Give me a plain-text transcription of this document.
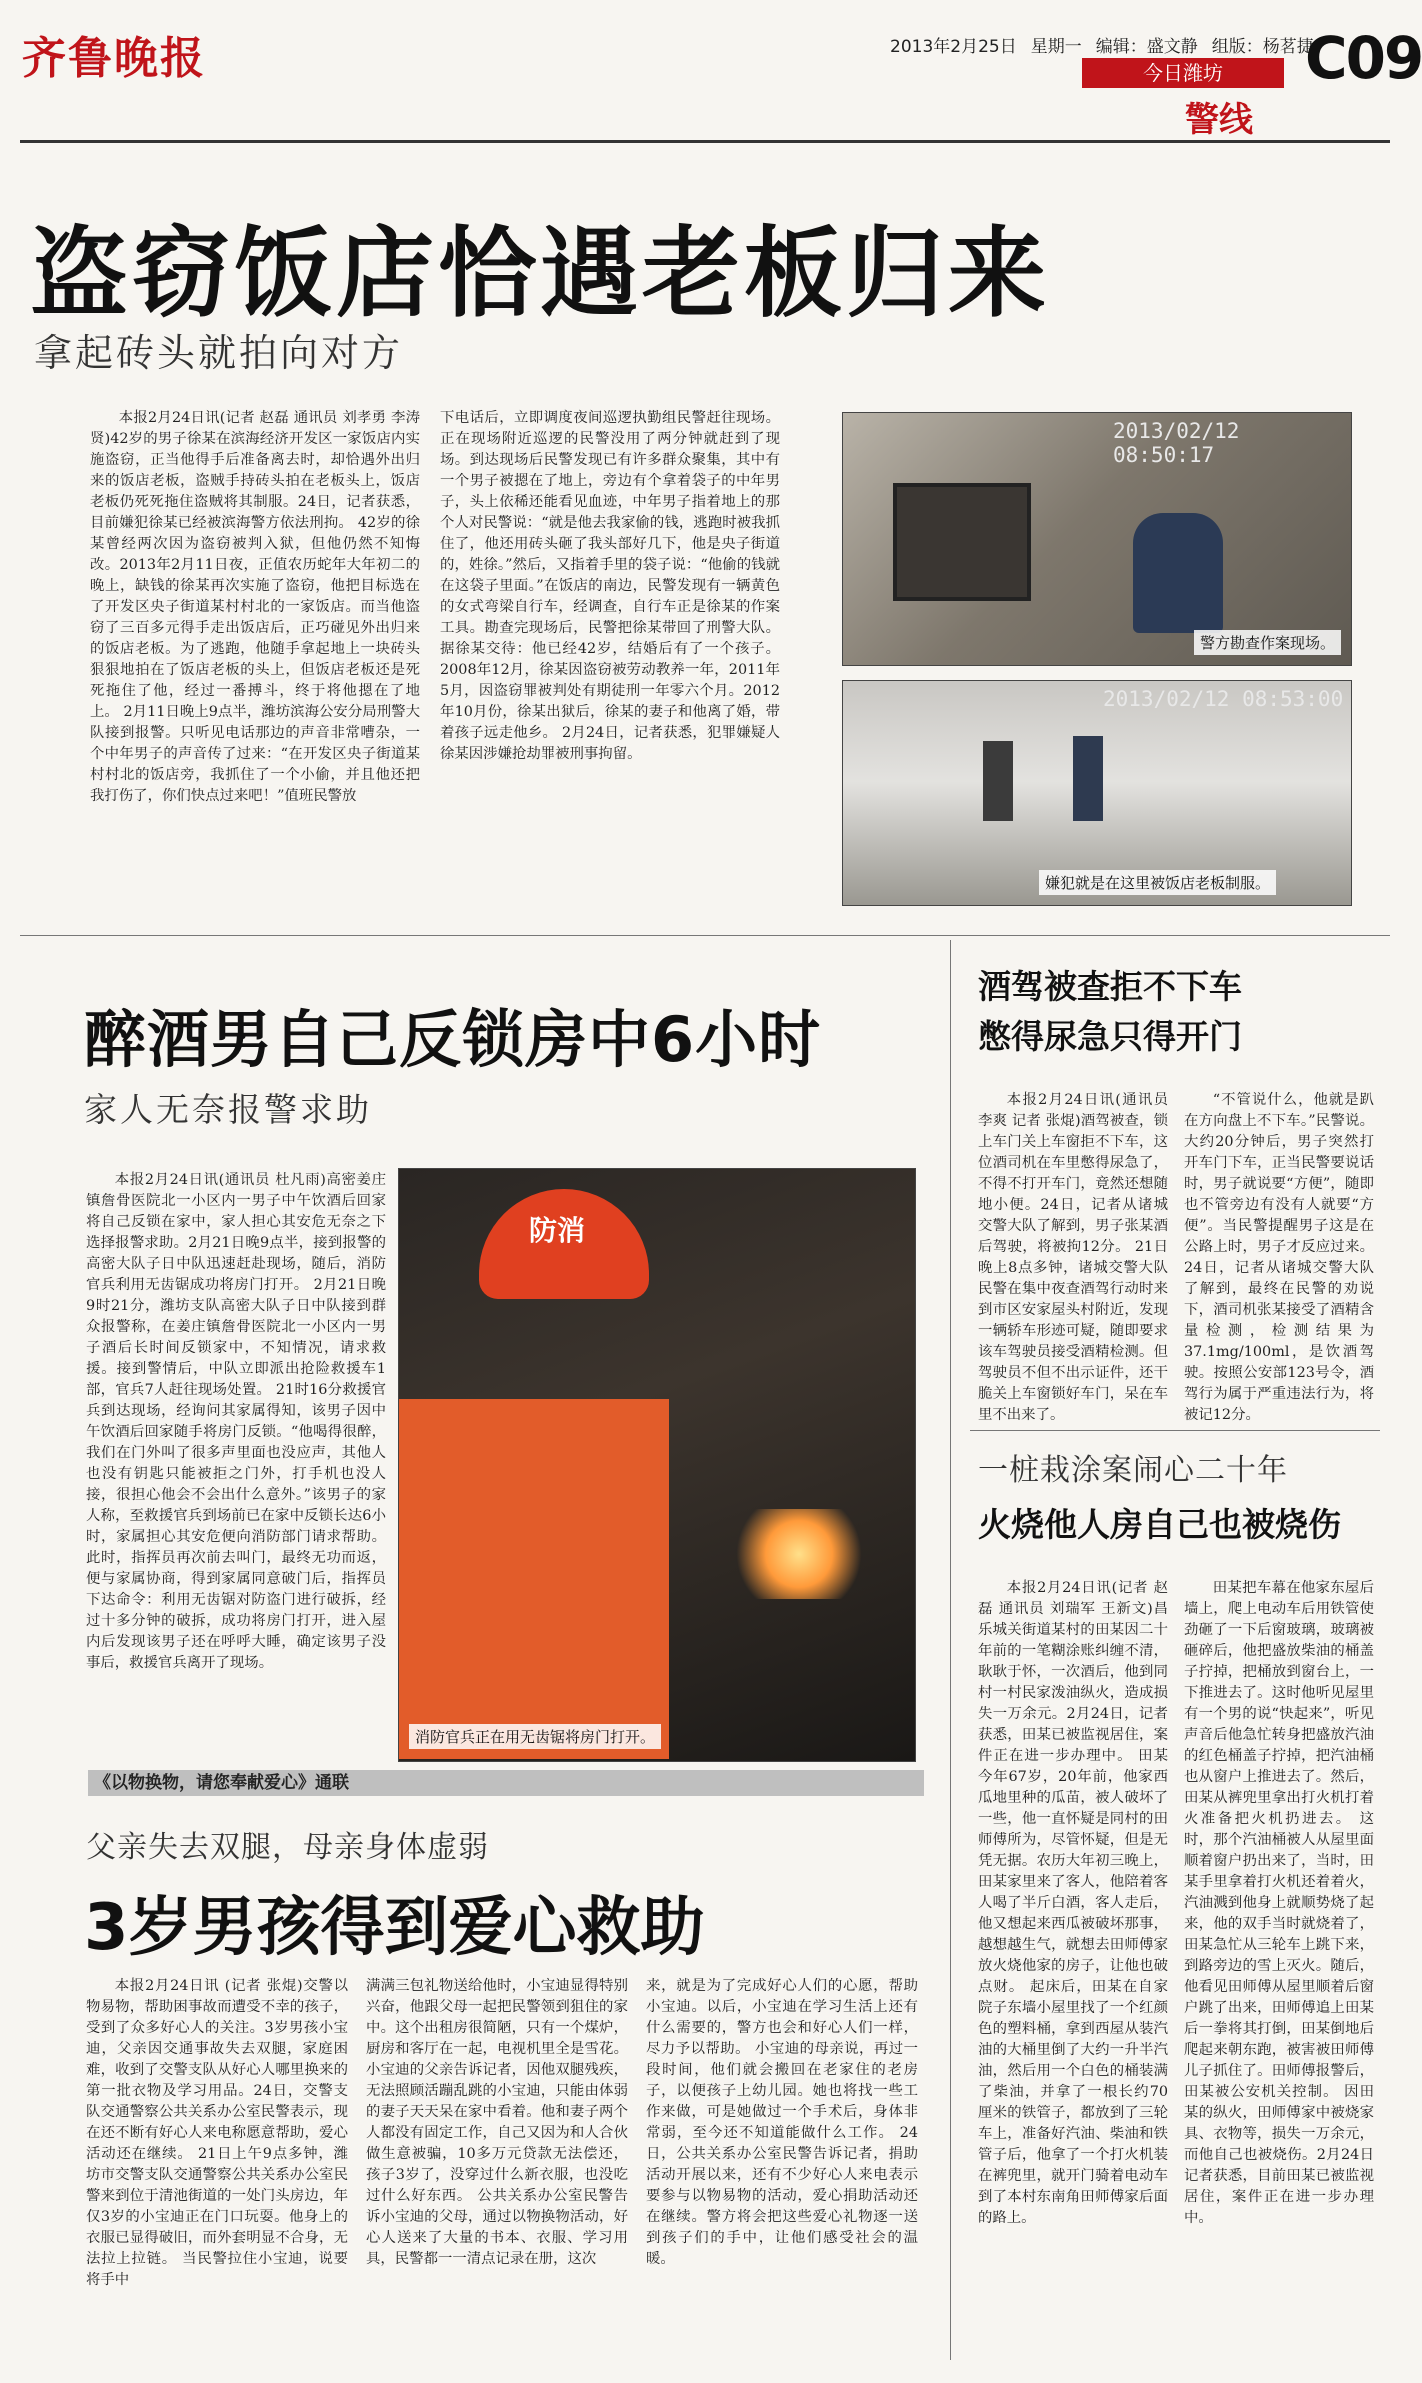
齐鲁晚报	2013年2月25日 星期一 编辑：盛文静 组版：杨茗捷
C09
今日潍坊
警线
盗窃饭店恰遇老板归来
拿起砖头就拍向对方
本报2月24日讯(记者 赵磊 通讯员 刘孝勇 李涛贤)42岁的男子徐某在滨海经济开发区一家饭店内实施盗窃，正当他得手后准备离去时，却恰遇外出归来的饭店老板，盗贼手持砖头拍在老板头上，饭店老板仍死死拖住盗贼将其制服。24日，记者获悉，目前嫌犯徐某已经被滨海警方依法刑拘。 42岁的徐某曾经两次因为盗窃被判入狱，但他仍然不知悔改。2013年2月11日夜，正值农历蛇年大年初二的晚上，缺钱的徐某再次实施了盗窃，他把目标选在了开发区央子街道某村村北的一家饭店。而当他盗窃了三百多元得手走出饭店后，正巧碰见外出归来的饭店老板。为了逃跑，他随手拿起地上一块砖头狠狠地拍在了饭店老板的头上，但饭店老板还是死死拖住了他，经过一番搏斗，终于将他摁在了地上。 2月11日晚上9点半，潍坊滨海公安分局刑警大队接到报警。只听见电话那边的声音非常嘈杂，一个中年男子的声音传了过来：“在开发区央子街道某村村北的饭店旁，我抓住了一个小偷，并且他还把我打伤了，你们快点过来吧！”值班民警放
下电话后，立即调度夜间巡逻执勤组民警赶往现场。 正在现场附近巡逻的民警没用了两分钟就赶到了现场。到达现场后民警发现已有许多群众聚集，其中有一个男子被摁在了地上，旁边有个拿着袋子的中年男子，头上依稀还能看见血迹，中年男子指着地上的那个人对民警说：“就是他去我家偷的钱，逃跑时被我抓住了，他还用砖头砸了我头部好几下，他是央子街道的，姓徐。”然后，又指着手里的袋子说：“他偷的钱就在这袋子里面。”在饭店的南边，民警发现有一辆黄色的女式弯梁自行车，经调查，自行车正是徐某的作案工具。勘查完现场后，民警把徐某带回了刑警大队。 据徐某交待：他已经42岁，结婚后有了一个孩子。2008年12月，徐某因盗窃被劳动教养一年，2011年5月，因盗窃罪被判处有期徒刑一年零六个月。2012年10月份，徐某出狱后，徐某的妻子和他离了婚，带着孩子远走他乡。 2月24日，记者获悉，犯罪嫌疑人徐某因涉嫌抢劫罪被刑事拘留。
2013/02/12 08:50:17
警方勘查作案现场。
2013/02/12 08:53:00
嫌犯就是在这里被饭店老板制服。
醉酒男自己反锁房中6小时
家人无奈报警求助
本报2月24日讯(通讯员 杜凡雨)高密姜庄镇詹骨医院北一小区内一男子中午饮酒后回家将自己反锁在家中，家人担心其安危无奈之下选择报警求助。2月21日晚9点半，接到报警的高密大队子日中队迅速赶赴现场，随后，消防官兵利用无齿锯成功将房门打开。 2月21日晚9时21分，潍坊支队高密大队子日中队接到群众报警称，在姜庄镇詹骨医院北一小区内一男子酒后长时间反锁家中，不知情况，请求救援。接到警情后，中队立即派出抢险救援车1部，官兵7人赶往现场处置。 21时16分救援官兵到达现场，经询问其家属得知，该男子因中午饮酒后回家随手将房门反锁。“他喝得很醉，我们在门外叫了很多声里面也没应声，其他人也没有钥匙只能被拒之门外，打手机也没人接，很担心他会不会出什么意外。”该男子的家人称，至救援官兵到场前已在家中反锁长达6小时，家属担心其安危便向消防部门请求帮助。 此时，指挥员再次前去叫门，最终无功而返，便与家属协商，得到家属同意破门后，指挥员下达命令：利用无齿锯对防盗门进行破拆，经过十多分钟的破拆，成功将房门打开，进入屋内后发现该男子还在呼呼大睡，确定该男子没事后，救援官兵离开了现场。
防消
消防官兵正在用无齿锯将房门打开。
酒驾被查拒不下车
憋得尿急只得开门
本报2月24日讯(通讯员 李爽 记者 张焜)酒驾被查，锁上车门关上车窗拒不下车，这位酒司机在车里憋得尿急了，不得不打开车门，竟然还想随地小便。24日，记者从诸城交警大队了解到，男子张某酒后驾驶，将被拘12分。 21日晚上8点多钟，诸城交警大队民警在集中夜查酒驾行动时来到市区安家屋头村附近，发现一辆轿车形迹可疑，随即要求该车驾驶员接受酒精检测。但驾驶员不但不出示证件，还干脆关上车窗锁好车门，呆在车里不出来了。
“不管说什么，他就是趴在方向盘上不下车。”民警说。大约20分钟后，男子突然打开车门下车，正当民警要说话时，男子就说要“方便”，随即也不管旁边有没有人就要“方便”。当民警提醒男子这是在公路上时，男子才反应过来。 24日，记者从诸城交警大队了解到，最终在民警的劝说下，酒司机张某接受了酒精含量检测，检测结果为37.1mg/100ml，是饮酒驾驶。按照公安部123号令，酒驾行为属于严重违法行为，将被记12分。
一桩栽涂案闹心二十年
火烧他人房自己也被烧伤
本报2月24日讯(记者 赵磊 通讯员 刘瑞军 王新文)昌乐城关街道某村的田某因二十年前的一笔糊涂账纠缠不清，耿耿于怀，一次酒后，他到同村一村民家泼油纵火，造成损失一万余元。2月24日，记者获悉，田某已被监视居住，案件正在进一步办理中。 田某今年67岁，20年前，他家西瓜地里种的瓜苗，被人破坏了一些，他一直怀疑是同村的田师傅所为，尽管怀疑，但是无凭无据。农历大年初三晚上，田某家里来了客人，他陪着客人喝了半斤白酒，客人走后，他又想起来西瓜被破坏那事，越想越生气，就想去田师傅家放火烧他家的房子，让他也破点财。 起床后，田某在自家院子东墙小屋里找了一个红颜色的塑料桶，拿到西屋从装汽油的大桶里倒了大约一升半汽油，然后用一个白色的桶装满了柴油，并拿了一根长约70厘米的铁管子，都放到了三轮车上，准备好汽油、柴油和铁管子后，他拿了一个打火机装在裤兜里，就开门骑着电动车到了本村东南角田师傅家后面的路上。
田某把车幕在他家东屋后墙上，爬上电动车后用铁管使劲砸了一下后窗玻璃，玻璃被砸碎后，他把盛放柴油的桶盖子拧掉，把桶放到窗台上，一下推进去了。这时他听见屋里有一个男的说“快起来”，听见声音后他急忙转身把盛放汽油的红色桶盖子拧掉，把汽油桶也从窗户上推进去了。然后，田某从裤兜里拿出打火机打着火准备把火机扔进去。 这时，那个汽油桶被人从屋里面顺着窗户扔出来了，当时，田某手里拿着打火机还着着火，汽油溅到他身上就顺势烧了起来，他的双手当时就烧着了，田某急忙从三轮车上跳下来，到路旁边的雪上灭火。随后，他看见田师傅从屋里顺着后窗户跳了出来，田师傅追上田某后一拳将其打倒，田某倒地后爬起来朝东跑，被害被田师傅儿子抓住了。田师傅报警后，田某被公安机关控制。 因田某的纵火，田师傅家中被烧家具、衣物等，损失一万余元，而他自己也被烧伤。2月24日记者获悉，目前田某已被监视居住，案件正在进一步办理中。
《以物换物，请您奉献爱心》通联
父亲失去双腿，母亲身体虚弱
3岁男孩得到爱心救助
本报2月24日讯 (记者 张焜)交警以物易物，帮助困事故而遭受不幸的孩子，受到了众多好心人的关注。3岁男孩小宝迪，父亲因交通事故失去双腿，家庭困难，收到了交警支队从好心人哪里换来的第一批衣物及学习用品。24日，交警支队交通警察公共关系办公室民警表示，现在还不断有好心人来电称愿意帮助，爱心活动还在继续。 21日上午9点多钟，潍坊市交警支队交通警察公共关系办公室民警来到位于清池街道的一处门头房边，年仅3岁的小宝迪正在门口玩耍。他身上的衣服已显得破旧，而外套明显不合身，无法拉上拉链。 当民警拉住小宝迪，说要将手中
满满三包礼物送给他时，小宝迪显得特别兴奋，他跟父母一起把民警领到狙住的家中。这个出租房很简陋，只有一个煤炉，厨房和客厅在一起，电视机里全是雪花。 小宝迪的父亲告诉记者，因他双腿残疾，无法照顾活蹦乱跳的小宝迪，只能由体弱的妻子天天呆在家中看着。他和妻子两个人都没有固定工作，自己又因为和人合伙做生意被骗，10多万元贷款无法偿还，孩子3岁了，没穿过什么新衣服，也没吃过什么好东西。 公共关系办公室民警告诉小宝迪的父母，通过以物换物活动，好心人送来了大量的书本、衣服、学习用具，民警都一一清点记录在册，这次
来，就是为了完成好心人们的心愿，帮助小宝迪。以后，小宝迪在学习生活上还有什么需要的，警方也会和好心人们一样，尽力予以帮助。 小宝迪的母亲说，再过一段时间，他们就会搬回在老家住的老房子，以便孩子上幼儿园。她也将找一些工作来做，可是她做过一个手术后，身体非常弱，至今还不知道能做什么工作。 24日，公共关系办公室民警告诉记者，捐助活动开展以来，还有不少好心人来电表示要参与以物易物的活动，爱心捐助活动还在继续。警方将会把这些爱心礼物逐一送到孩子们的手中，让他们感受社会的温暖。
